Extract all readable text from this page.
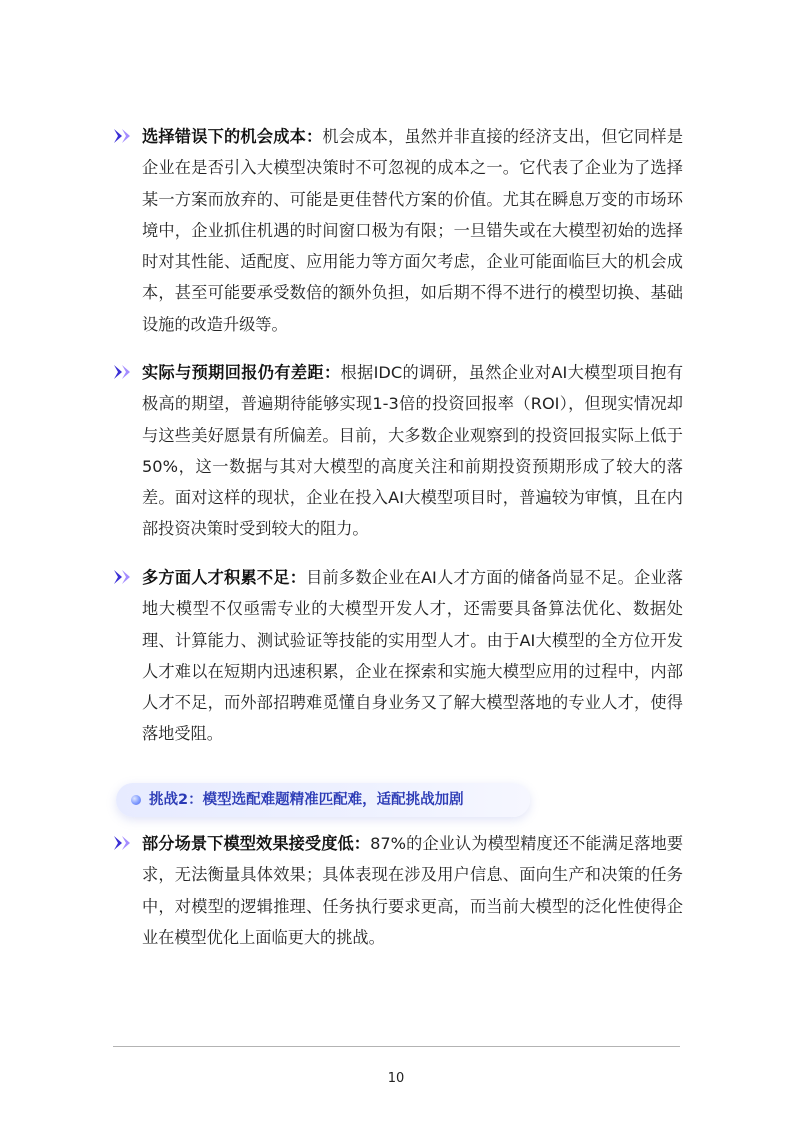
选择错误下的机会成本：机会成本，虽然并非直接的经济支出，但它同样是企业在是否引入大模型决策时不可忽视的成本之一。它代表了企业为了选择某一方案而放弃的、可能是更佳替代方案的价值。尤其在瞬息万变的市场环境中，企业抓住机遇的时间窗口极为有限；一旦错失或在大模型初始的选择时对其性能、适配度、应用能力等方面欠考虑，企业可能面临巨大的机会成本，甚至可能要承受数倍的额外负担，如后期不得不进行的模型切换、基础设施的改造升级等。

实际与预期回报仍有差距：根据IDC的调研，虽然企业对AI大模型项目抱有极高的期望，普遍期待能够实现1-3倍的投资回报率（ROI），但现实情况却与这些美好愿景有所偏差。目前，大多数企业观察到的投资回报实际上低于50%，这一数据与其对大模型的高度关注和前期投资预期形成了较大的落差。面对这样的现状，企业在投入AI大模型项目时，普遍较为审慎，且在内部投资决策时受到较大的阻力。

多方面人才积累不足：目前多数企业在AI人才方面的储备尚显不足。企业落地大模型不仅亟需专业的大模型开发人才，还需要具备算法优化、数据处理、计算能力、测试验证等技能的实用型人才。由于AI大模型的全方位开发人才难以在短期内迅速积累，企业在探索和实施大模型应用的过程中，内部人才不足，而外部招聘难觅懂自身业务又了解大模型落地的专业人才，使得落地受阻。

挑战2：模型选配难题精准匹配难，适配挑战加剧

部分场景下模型效果接受度低：87%的企业认为模型精度还不能满足落地要求，无法衡量具体效果；具体表现在涉及用户信息、面向生产和决策的任务中，对模型的逻辑推理、任务执行要求更高，而当前大模型的泛化性使得企业在模型优化上面临更大的挑战。

10
